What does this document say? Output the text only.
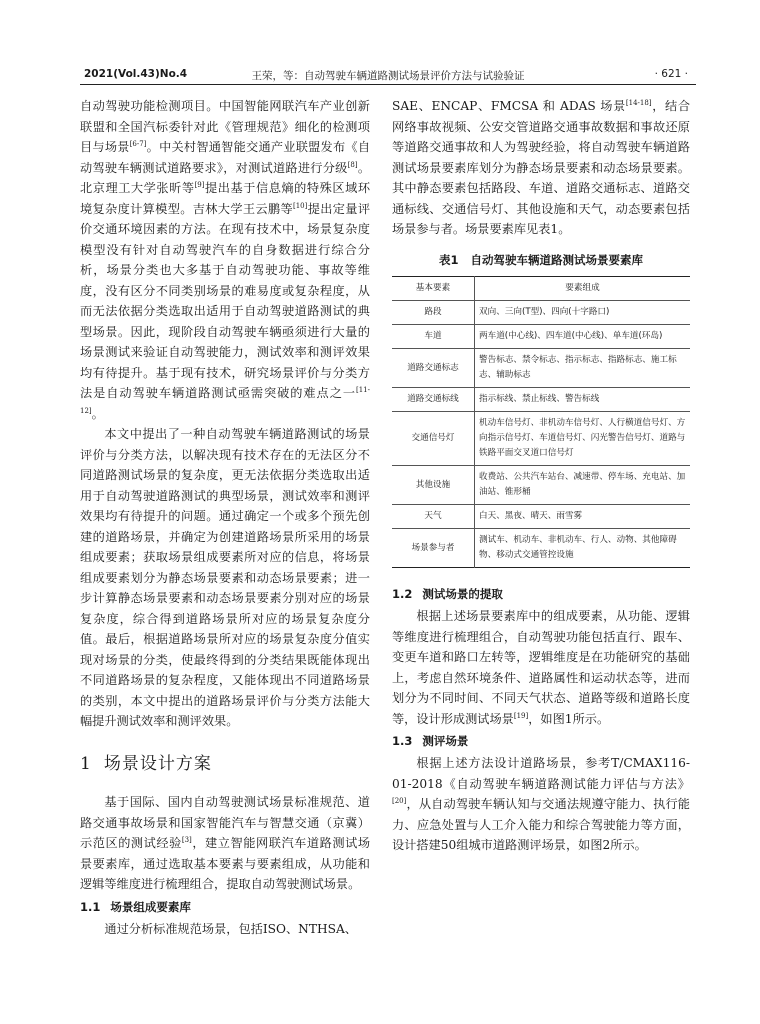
2021(Vol.43)No.4	王荣，等：自动驾驶车辆道路测试场景评价方法与试验验证	· 621 ·

自动驾驶功能检测项目。中国智能网联汽车产业创新联盟和全国汽标委针对此《管理规范》细化的检测项目与场景[6-7]。中关村智通智能交通产业联盟发布《自动驾驶车辆测试道路要求》，对测试道路进行分级[8]。北京理工大学张昕等[9]提出基于信息熵的特殊区域环境复杂度计算模型。吉林大学王云鹏等[10]提出定量评价交通环境因素的方法。在现有技术中，场景复杂度模型没有针对自动驾驶汽车的自身数据进行综合分析，场景分类也大多基于自动驾驶功能、事故等维度，没有区分不同类别场景的难易度或复杂程度，从而无法依据分类选取出适用于自动驾驶道路测试的典型场景。因此，现阶段自动驾驶车辆亟须进行大量的场景测试来验证自动驾驶能力，测试效率和测评效果均有待提升。基于现有技术，研究场景评价与分类方法是自动驾驶车辆道路测试亟需突破的难点之一[11-12]。

本文中提出了一种自动驾驶车辆道路测试的场景评价与分类方法，以解决现有技术存在的无法区分不同道路测试场景的复杂度，更无法依据分类选取出适用于自动驾驶道路测试的典型场景，测试效率和测评效果均有待提升的问题。通过确定一个或多个预先创建的道路场景，并确定为创建道路场景所采用的场景组成要素；获取场景组成要素所对应的信息，将场景组成要素划分为静态场景要素和动态场景要素；进一步计算静态场景要素和动态场景要素分别对应的场景复杂度，综合得到道路场景所对应的场景复杂度分值。最后，根据道路场景所对应的场景复杂度分值实现对场景的分类，使最终得到的分类结果既能体现出不同道路场景的复杂程度，又能体现出不同道路场景的类别，本文中提出的道路场景评价与分类方法能大幅提升测试效率和测评效果。

1 场景设计方案

基于国际、国内自动驾驶测试场景标准规范、道路交通事故场景和国家智能汽车与智慧交通（京冀）示范区的测试经验[3]，建立智能网联汽车道路测试场景要素库，通过选取基本要素与要素组成，从功能和逻辑等维度进行梳理组合，提取自动驾驶测试场景。

1.1 场景组成要素库

通过分析标准规范场景，包括ISO、NTHSA、

SAE、ENCAP、FMCSA 和 ADAS 场景[14-18]，结合网络事故视频、公安交管道路交通事故数据和事故还原等道路交通事故和人为驾驶经验，将自动驾驶车辆道路测试场景要素库划分为静态场景要素和动态场景要素。其中静态要素包括路段、车道、道路交通标志、道路交通标线、交通信号灯、其他设施和天气，动态要素包括场景参与者。场景要素库见表1。

表1 自动驾驶车辆道路测试场景要素库
基本要素	要素组成
路段	双向、三向(T型)、四向(十字路口)
车道	两车道(中心线)、四车道(中心线)、单车道(环岛)
道路交通标志	警告标志、禁令标志、指示标志、指路标志、施工标志、辅助标志
道路交通标线	指示标线、禁止标线、警告标线
交通信号灯	机动车信号灯、非机动车信号灯、人行横道信号灯、方向指示信号灯、车道信号灯、闪光警告信号灯、道路与铁路平面交叉道口信号灯
其他设施	收费站、公共汽车站台、减速带、停车场、充电站、加油站、锥形桶
天气	白天、黑夜、晴天、雨雪雾
场景参与者	测试车、机动车、非机动车、行人、动物、其他障碍物、移动式交通管控设施
1.2 测试场景的提取

根据上述场景要素库中的组成要素，从功能、逻辑等维度进行梳理组合，自动驾驶功能包括直行、跟车、变更车道和路口左转等，逻辑维度是在功能研究的基础上，考虑自然环境条件、道路属性和运动状态等，进而划分为不同时间、不同天气状态、道路等级和道路长度等，设计形成测试场景[19]，如图1所示。

1.3 测评场景

根据上述方法设计道路场景，参考T/CMAX116-01-2018《自动驾驶车辆道路测试能力评估与方法》[20]，从自动驾驶车辆认知与交通法规遵守能力、执行能力、应急处置与人工介入能力和综合驾驶能力等方面，设计搭建50组城市道路测评场景，如图2所示。
